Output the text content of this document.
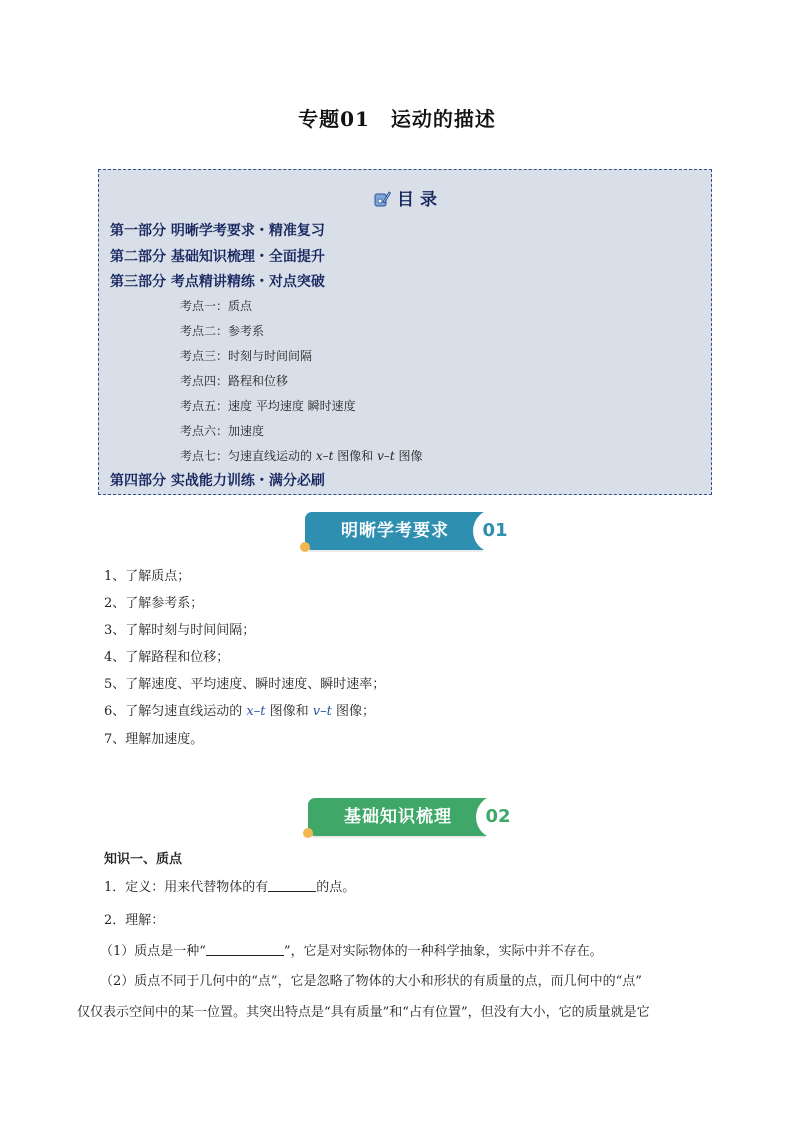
专题01　运动的描述
目 录
第一部分 明晰学考要求・精准复习
第二部分 基础知识梳理・全面提升
第三部分 考点精讲精练・对点突破
考点一：质点
考点二：参考系
考点三：时刻与时间间隔
考点四：路程和位移
考点五：速度 平均速度 瞬时速度
考点六：加速度
考点七：匀速直线运动的 x–t 图像和 v–t 图像
第四部分 实战能力训练・满分必刷
明晰学考要求	01
1、了解质点；
2、了解参考系；
3、了解时刻与时间间隔；
4、了解路程和位移；
5、了解速度、平均速度、瞬时速度、瞬时速率；
6、了解匀速直线运动的 x–t 图像和 v–t 图像；
7、理解加速度。
基础知识梳理	02
知识一、质点
1．定义：用来代替物体的有	的点。
2．理解：
（1）质点是一种“	”，它是对实际物体的一种科学抽象，实际中并不存在。
（2）质点不同于几何中的“点”，它是忽略了物体的大小和形状的有质量的点，而几何中的“点”
仅仅表示空间中的某一位置。其突出特点是“具有质量”和“占有位置”，但没有大小，它的质量就是它
